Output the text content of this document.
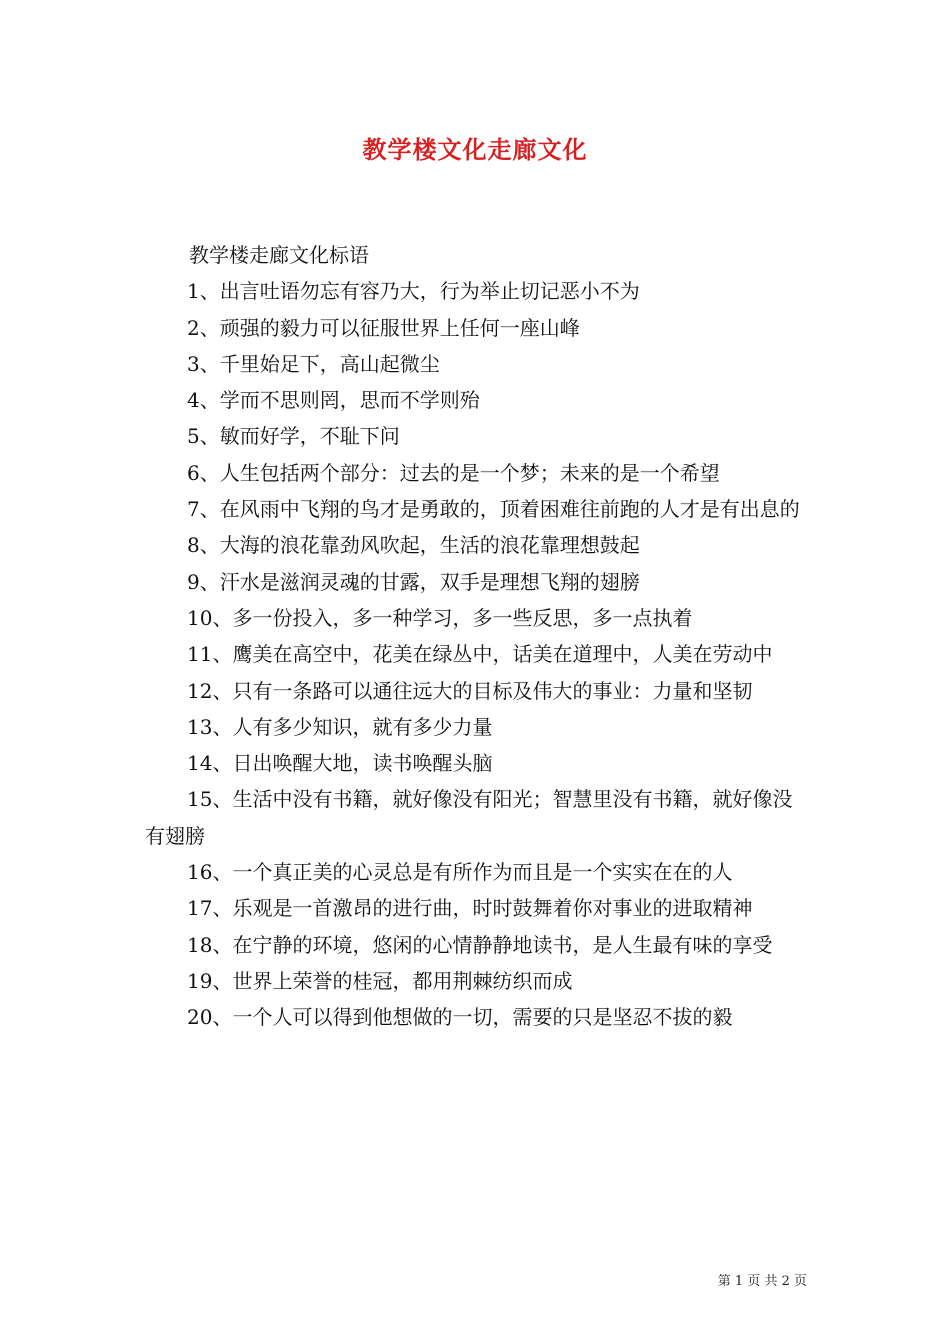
教学楼文化走廊文化

教学楼走廊文化标语

1、出言吐语勿忘有容乃大，行为举止切记恶小不为

2、顽强的毅力可以征服世界上任何一座山峰

3、千里始足下，高山起微尘

4、学而不思则罔，思而不学则殆

5、敏而好学，不耻下问

6、人生包括两个部分：过去的是一个梦；未来的是一个希望

7、在风雨中飞翔的鸟才是勇敢的，顶着困难往前跑的人才是有出息的

8、大海的浪花靠劲风吹起，生活的浪花靠理想鼓起

9、汗水是滋润灵魂的甘露，双手是理想飞翔的翅膀

10、多一份投入，多一种学习，多一些反思，多一点执着

11、鹰美在高空中，花美在绿丛中，话美在道理中，人美在劳动中

12、只有一条路可以通往远大的目标及伟大的事业：力量和坚韧

13、人有多少知识，就有多少力量

14、日出唤醒大地，读书唤醒头脑

15、生活中没有书籍，就好像没有阳光；智慧里没有书籍，就好像没有翅膀

16、一个真正美的心灵总是有所作为而且是一个实实在在的人

17、乐观是一首激昂的进行曲，时时鼓舞着你对事业的进取精神

18、在宁静的环境，悠闲的心情静静地读书，是人生最有味的享受

19、世界上荣誉的桂冠，都用荆棘纺织而成

20、一个人可以得到他想做的一切，需要的只是坚忍不拔的毅

第 1 页 共 2 页
